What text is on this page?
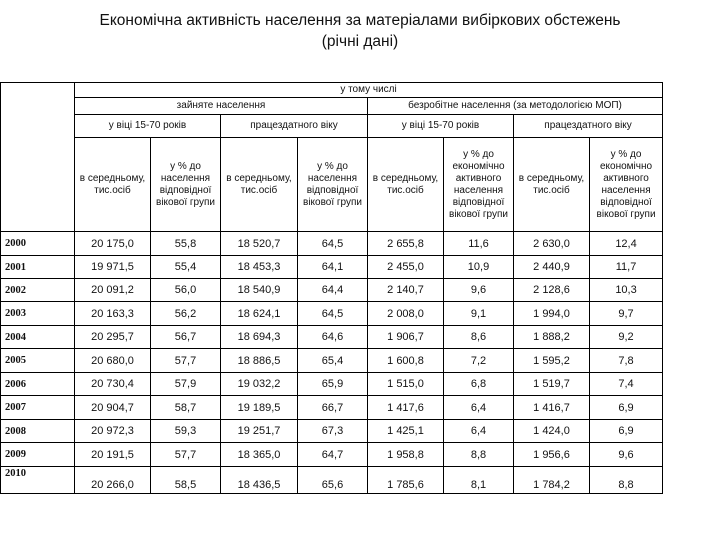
Економічна активність населення за матеріалами вибіркових обстежень
(річні дані)
	у тому числі							
	зайняте населення				безробітне населення (за методологією МОП)			
	у віці 15-70 років		працездатного віку		у віці 15-70 років		працездатного віку	
	в середньому, тис.осіб	у % до населення відповідної вікової групи	в середньому, тис.осіб	у % до населення відповідної вікової групи	в середньому, тис.осіб	у % до економічно активного населення відповідної вікової групи	в середньому, тис.осіб	у % до економічно активного населення відповідної вікової групи
2000	20 175,0	55,8	18 520,7	64,5	2 655,8	11,6	2 630,0	12,4
2001	19 971,5	55,4	18 453,3	64,1	2 455,0	10,9	2 440,9	11,7
2002	20 091,2	56,0	18 540,9	64,4	2 140,7	9,6	2 128,6	10,3
2003	20 163,3	56,2	18 624,1	64,5	2 008,0	9,1	1 994,0	9,7
2004	20 295,7	56,7	18 694,3	64,6	1 906,7	8,6	1 888,2	9,2
2005	20 680,0	57,7	18 886,5	65,4	1 600,8	7,2	1 595,2	7,8
2006	20 730,4	57,9	19 032,2	65,9	1 515,0	6,8	1 519,7	7,4
2007	20 904,7	58,7	19 189,5	66,7	1 417,6	6,4	1 416,7	6,9
2008	20 972,3	59,3	19 251,7	67,3	1 425,1	6,4	1 424,0	6,9
2009	20 191,5	57,7	18 365,0	64,7	1 958,8	8,8	1 956,6	9,6
2010	20 266,0	58,5	18 436,5	65,6	1 785,6	8,1	1 784,2	8,8
